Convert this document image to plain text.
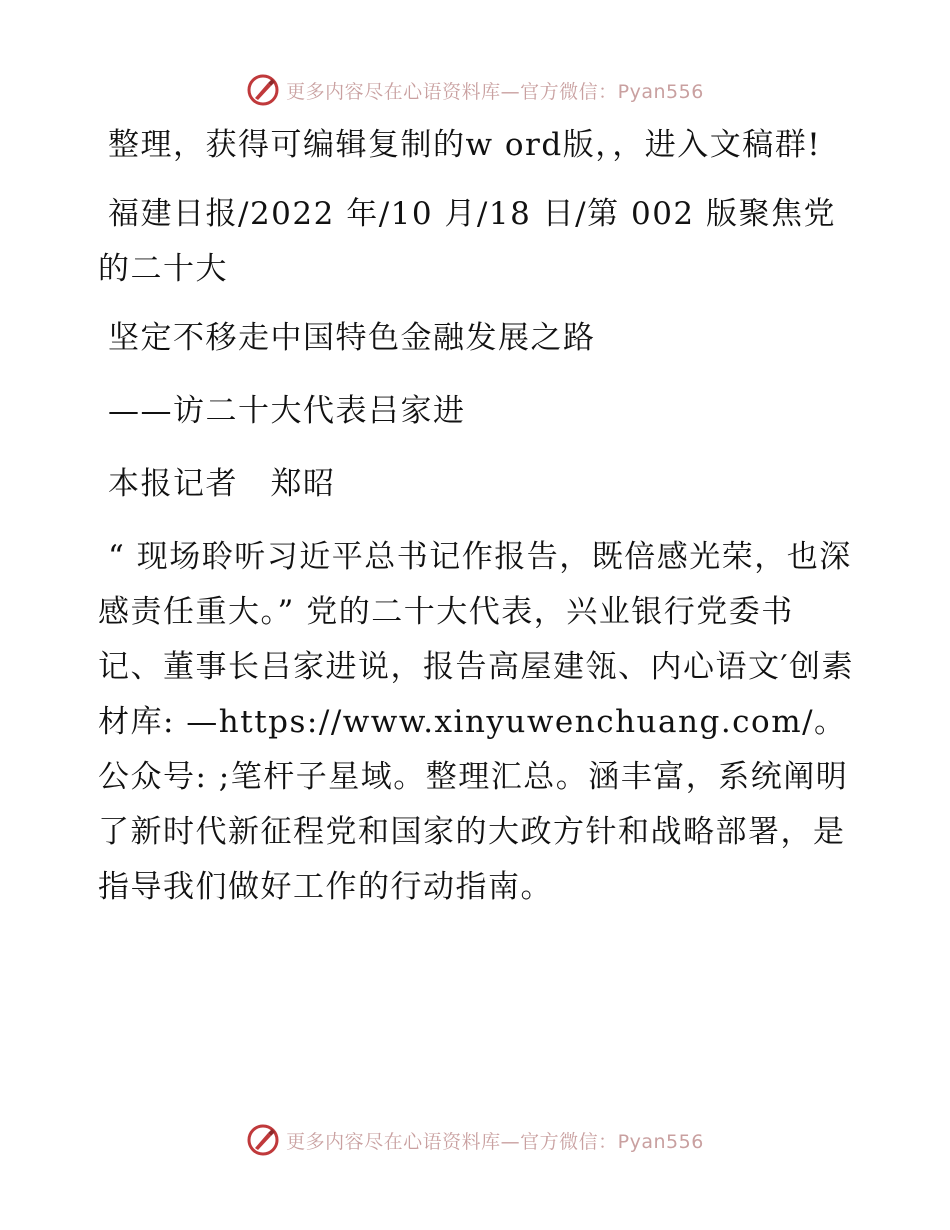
更多内容尽在心语资料库—官方微信：Pyan556

整理，获得可编辑复制的w ord版，，进入文稿群!

福建日报/2022 年/10 月/18 日/第 002 版聚焦党的二十大

坚定不移走中国特色金融发展之路

——访二十大代表吕家进

本报记者　郑昭

“ 现场聆听习近平总书记作报告，既倍感光荣，也深感责任重大。” 党的二十大代表，兴业银行党委书记、董事长吕家进说，报告高屋建瓴、内心语文′创素材库: —https://www.xinyuwenchuang.com/。公众号: ;笔杆子星域。整理汇总。涵丰富，系统阐明了新时代新征程党和国家的大政方针和战略部署，是指导我们做好工作的行动指南。

更多内容尽在心语资料库—官方微信：Pyan556
